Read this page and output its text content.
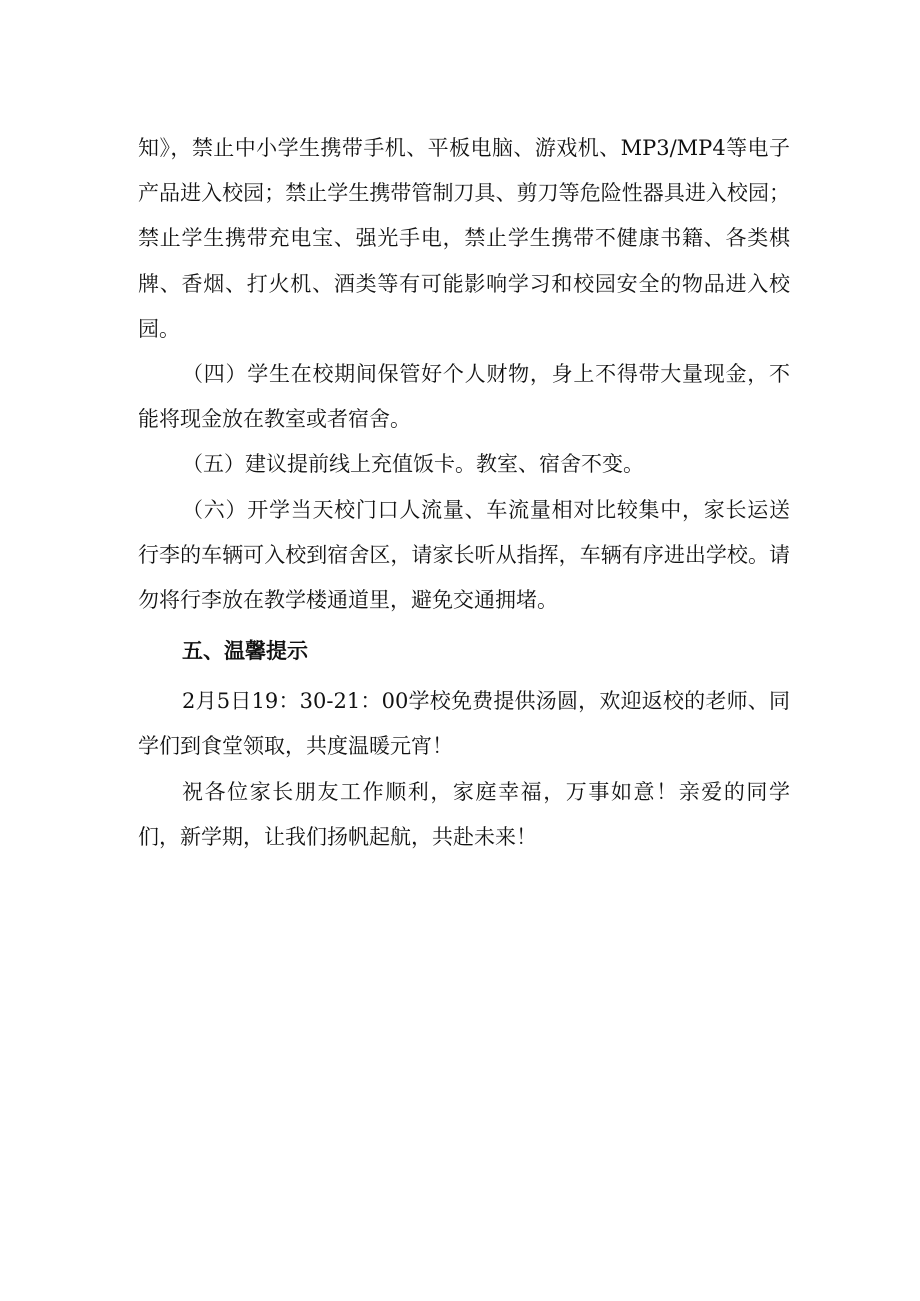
知》，禁止中小学生携带手机、平板电脑、游戏机、MP3/MP4等电子产品进入校园；禁止学生携带管制刀具、剪刀等危险性器具进入校园；禁止学生携带充电宝、强光手电，禁止学生携带不健康书籍、各类棋牌、香烟、打火机、酒类等有可能影响学习和校园安全的物品进入校园。

（四）学生在校期间保管好个人财物，身上不得带大量现金，不能将现金放在教室或者宿舍。

（五）建议提前线上充值饭卡。教室、宿舍不变。

（六）开学当天校门口人流量、车流量相对比较集中，家长运送行李的车辆可入校到宿舍区，请家长听从指挥，车辆有序进出学校。请勿将行李放在教学楼通道里，避免交通拥堵。

五、温馨提示

2月5日19：30-21：00学校免费提供汤圆，欢迎返校的老师、同学们到食堂领取，共度温暖元宵！

祝各位家长朋友工作顺利，家庭幸福，万事如意！亲爱的同学们，新学期，让我们扬帆起航，共赴未来！
